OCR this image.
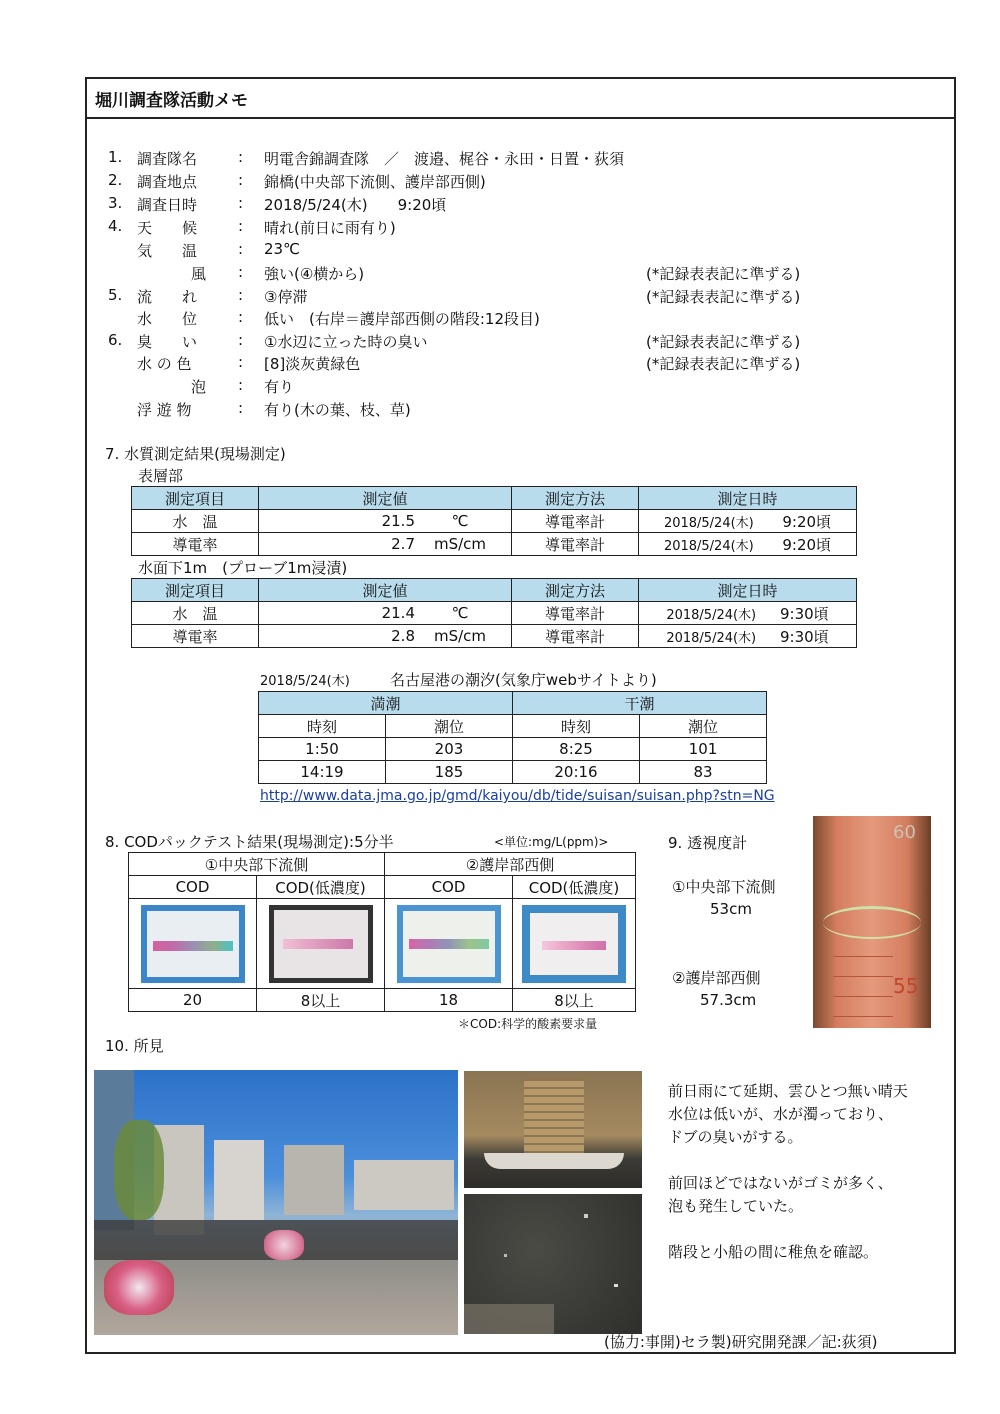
堀川調査隊活動メモ
1. 調査隊名	: 明電舎錦調査隊　／　渡邉、梶谷・永田・日置・荻須
2. 調査地点	: 錦橋(中央部下流側、護岸部西側)
3. 調査日時	: 2018/5/24(木)　　9:20頃
4. 天　　候	: 晴れ(前日に雨有り)
気　　温	: 23℃
風 : 強い(④横から)	(*記録表表記に準ずる)
5. 流　　れ	: ③停滞	(*記録表表記に準ずる)
水　　位	: 低い　(右岸＝護岸部西側の階段:12段目)
6. 臭　　い	: ①水辺に立った時の臭い	(*記録表表記に準ずる)
水 の 色	: [8]淡灰黄緑色	(*記録表表記に準ずる)
泡 : 有り
浮 遊 物	: 有り(木の葉、枝、草)
7. 水質測定結果(現場測定)
表層部
測定項目	測定値	測定方法	測定日時
水　温	21.5 ℃	導電率計	2018/5/24(木) 9:20頃
導電率	2.7 mS/cm	導電率計	2018/5/24(木) 9:20頃
水面下1m　(プローブ1m浸漬)
測定項目	測定値	測定方法	測定日時
水　温	21.4 ℃	導電率計	2018/5/24(木) 9:30頃
導電率	2.8 mS/cm	導電率計	2018/5/24(木) 9:30頃
2018/5/24(木)	名古屋港の潮汐(気象庁webサイトより)
満潮		干潮	
時刻	潮位	時刻	潮位
1:50	203	8:25	101
14:19	185	20:16	83
http://www.data.jma.go.jp/gmd/kaiyou/db/tide/suisan/suisan.php?stn=NG
8. CODパックテスト結果(現場測定):5分半	<単位:mg/L(ppm)>
①中央部下流側		②護岸部西側	
COD	COD(低濃度)	COD	COD(低濃度)

20	8以上	18	8以上
＊COD:科学的酸素要求量
9. 透視度計
①中央部下流側
53cm
②護岸部西側
57.3cm
60
55
10. 所見
前日雨にて延期、雲ひとつ無い晴天
水位は低いが、水が濁っており、
ドブの臭いがする。
前回ほどではないがゴミが多く、
泡も発生していた。
階段と小船の間に稚魚を確認。
(協力:事開)セラ製)研究開発課／記:荻須)
